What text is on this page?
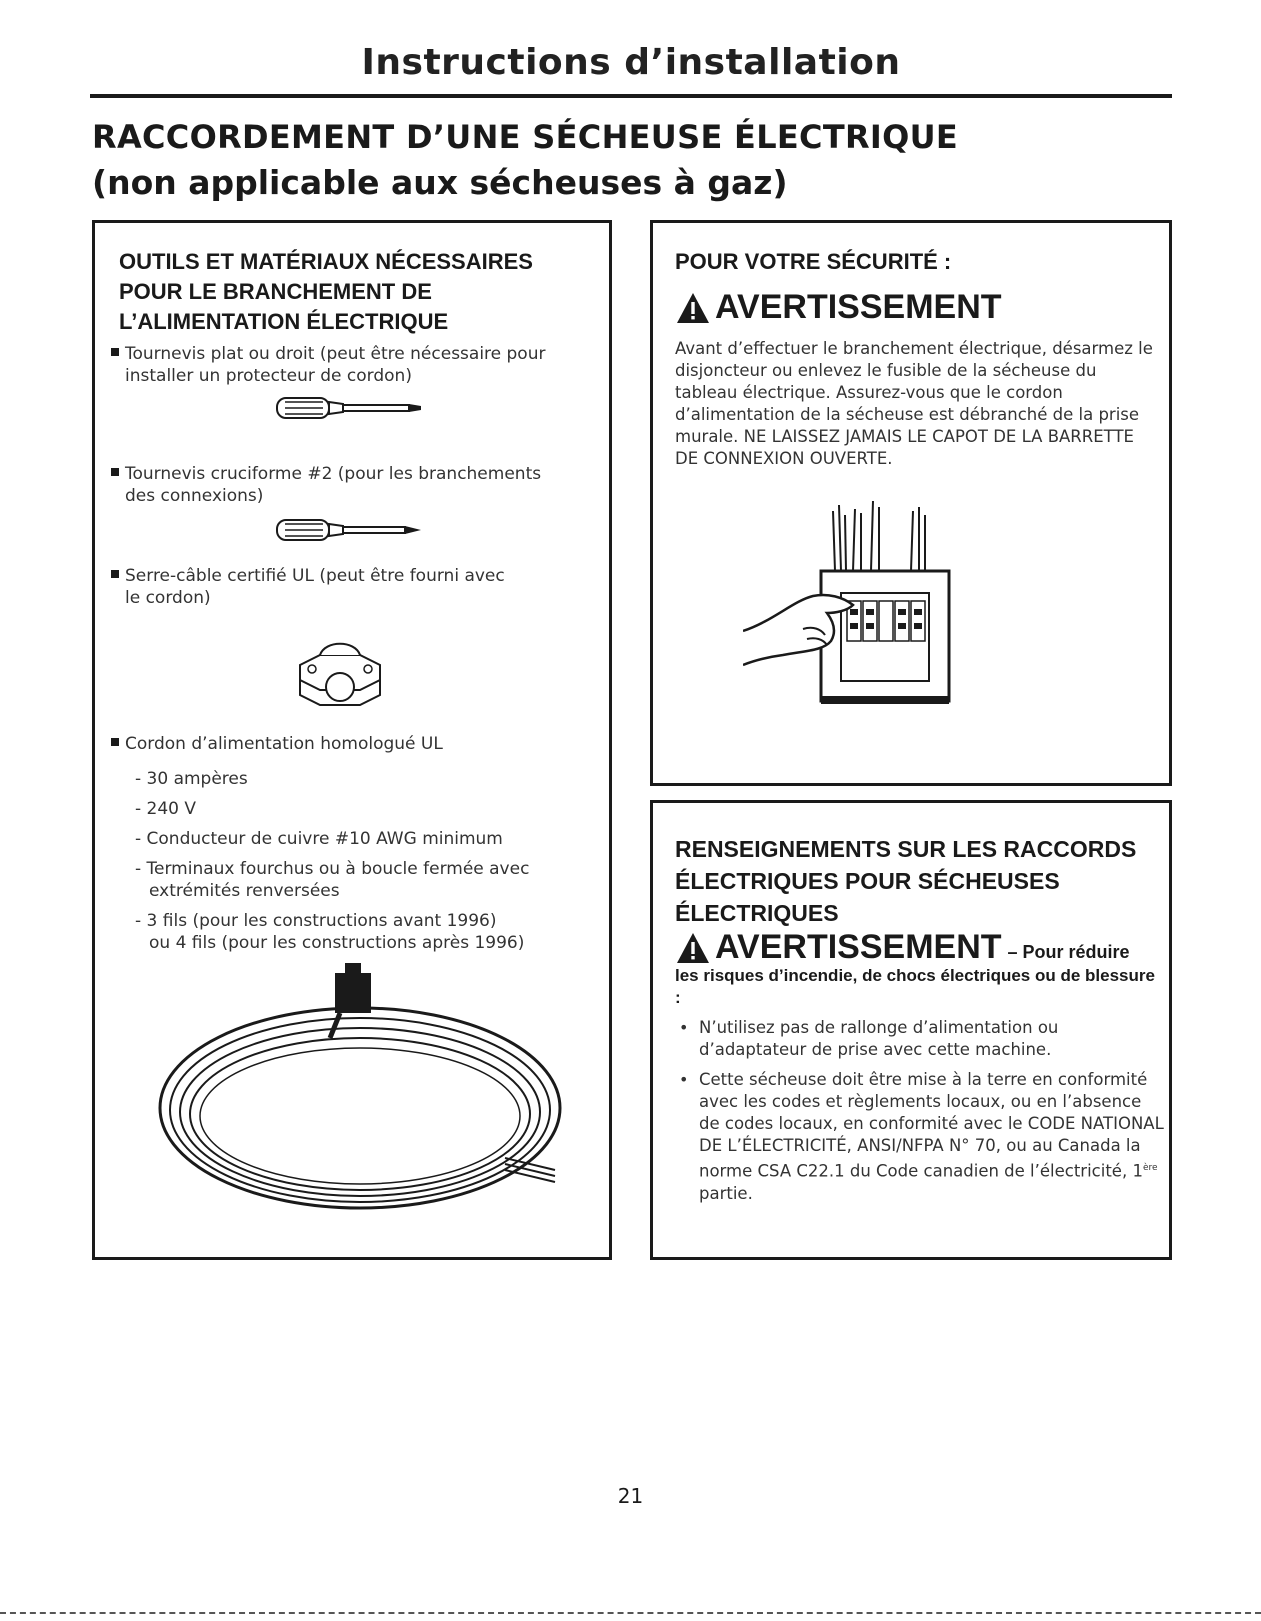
Instructions d’installation
RACCORDEMENT D’UNE SÉCHEUSE ÉLECTRIQUE
(non applicable aux sécheuses à gaz)
OUTILS ET MATÉRIAUX NÉCESSAIRES POUR LE BRANCHEMENT DE L’ALIMENTATION ÉLECTRIQUE
Tournevis plat ou droit (peut être nécessaire pour
installer un protecteur de cordon)
Tournevis cruciforme #2 (pour les branchements
des connexions)
Serre-câble certifié UL (peut être fourni avec
le cordon)
Cordon d’alimentation homologué UL
- 30 ampères
- 240 V
- Conducteur de cuivre #10 AWG minimum
- Terminaux fourchus ou à boucle fermée avec
extrémités renversées
- 3 fils (pour les constructions avant 1996)
ou 4 fils (pour les constructions après 1996)
POUR VOTRE SÉCURITÉ :
AVERTISSEMENT
Avant d’effectuer le branchement électrique, désarmez le disjoncteur ou enlevez le fusible de la sécheuse du tableau électrique. Assurez-vous que le cordon d’alimentation de la sécheuse est débranché de la prise murale. NE LAISSEZ JAMAIS LE CAPOT DE LA BARRETTE DE CONNEXION OUVERTE.
RENSEIGNEMENTS SUR LES RACCORDS ÉLECTRIQUES POUR SÉCHEUSES ÉLECTRIQUES
AVERTISSEMENT – Pour réduire
les risques d’incendie, de chocs électriques ou de blessure :
• N’utilisez pas de rallonge d’alimentation ou d’adaptateur de prise avec cette machine.
• Cette sécheuse doit être mise à la terre en conformité avec les codes et règlements locaux, ou en l’absence de codes locaux, en conformité avec le CODE NATIONAL DE L’ÉLECTRICITÉ, ANSI/NFPA N° 70, ou au Canada la norme CSA C22.1 du Code canadien de l’électricité, 1ère partie.
21
